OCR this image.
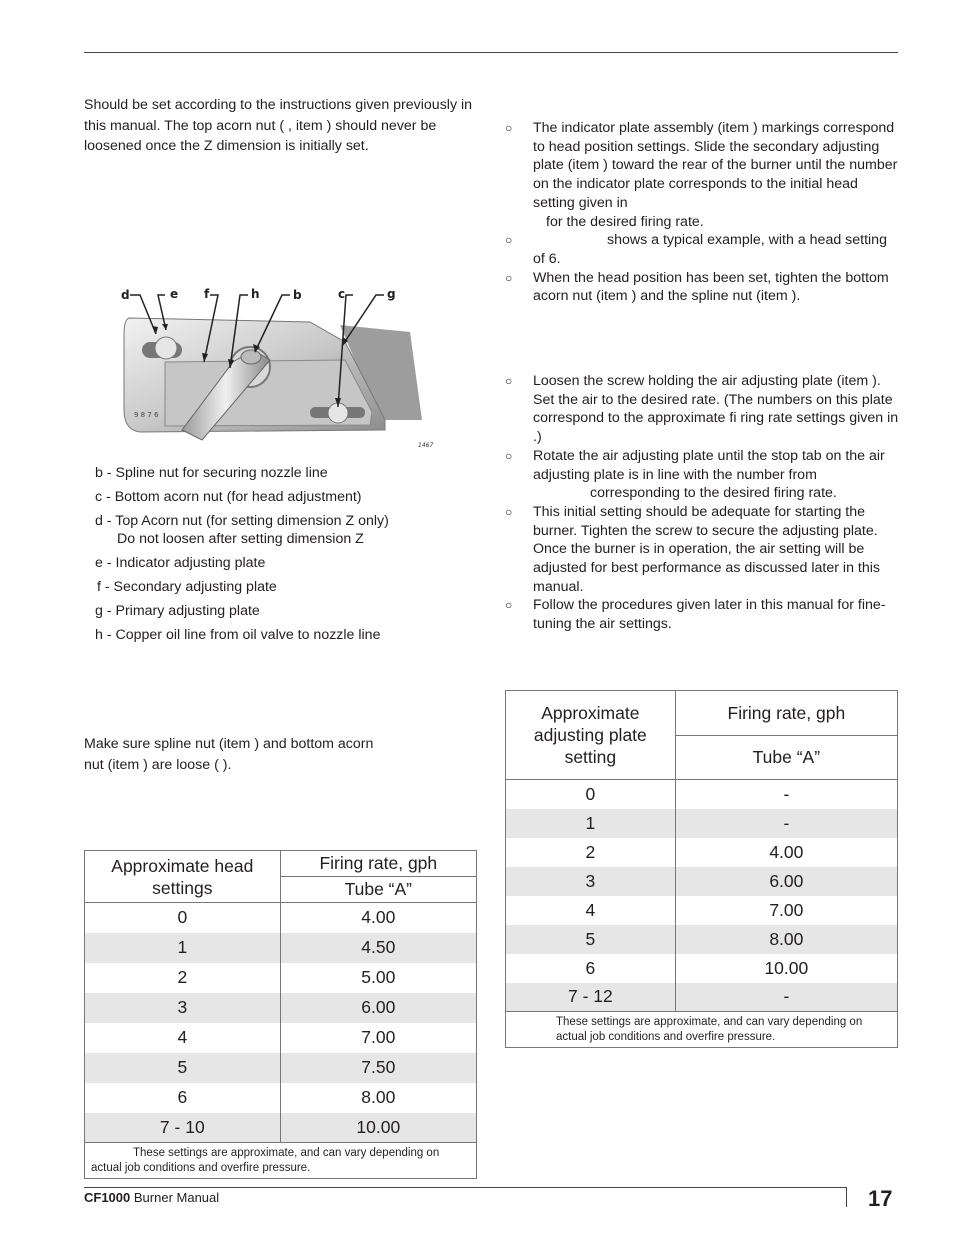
Should be set according to the instructions given previously in this manual. The top acorn nut ( , item ) should never be loosened once the Z dimension is initially set.
○ The indicator plate assembly (item ) markings correspond to head position settings. Slide the secondary adjusting plate (item ) toward the rear of the burner until the number on the indicator plate corresponds to the initial head setting given in
for the desired firing rate.
○	shows a typical example, with a head setting of 6.
○ When the head position has been set, tighten the bottom acorn nut (item ) and the spline nut (item ).
○ Loosen the screw holding the air adjusting plate (item ). Set the air to the desired rate. (The numbers on this plate correspond to the approximate fi ring rate settings given in .)
○ Rotate the air adjusting plate until the stop tab on the air adjusting plate is in line with the number from
corresponding to the desired firing rate.
○ This initial setting should be adequate for starting the burner. Tighten the screw to secure the adjusting plate. Once the burner is in operation, the air setting will be adjusted for best performance as discussed later in this manual.
○ Follow the procedures given later in this manual for fine-tuning the air settings.
9 8 7 6
1467
d	e f	h	b	c	g
b - Spline nut for securing nozzle line
c - Bottom acorn nut (for head adjustment)
d - Top Acorn nut (for setting dimension Z only)
Do not loosen after setting dimension Z
e - Indicator adjusting plate
f - Secondary adjusting plate
g - Primary adjusting plate
h - Copper oil line from oil valve to nozzle line
Make sure spline nut (item ) and bottom acorn
nut (item ) are loose ( ).
Approximate head settings	Firing rate, gph
	Tube “A”
0	4.00
1	4.50
2	5.00
3	6.00
4	7.00
5	7.50
6	8.00
7 - 10	10.00
These settings are approximate, and can vary depending on actual job conditions and overfire pressure.	
Approximate adjusting plate setting	Firing rate, gph
	Tube “A”
0	-
1	-
2	4.00
3	6.00
4	7.00
5	8.00
6	10.00
7 - 12	-
These settings are approximate, and can vary depending on actual job conditions and overfire pressure.	
CF1000 Burner Manual	17
